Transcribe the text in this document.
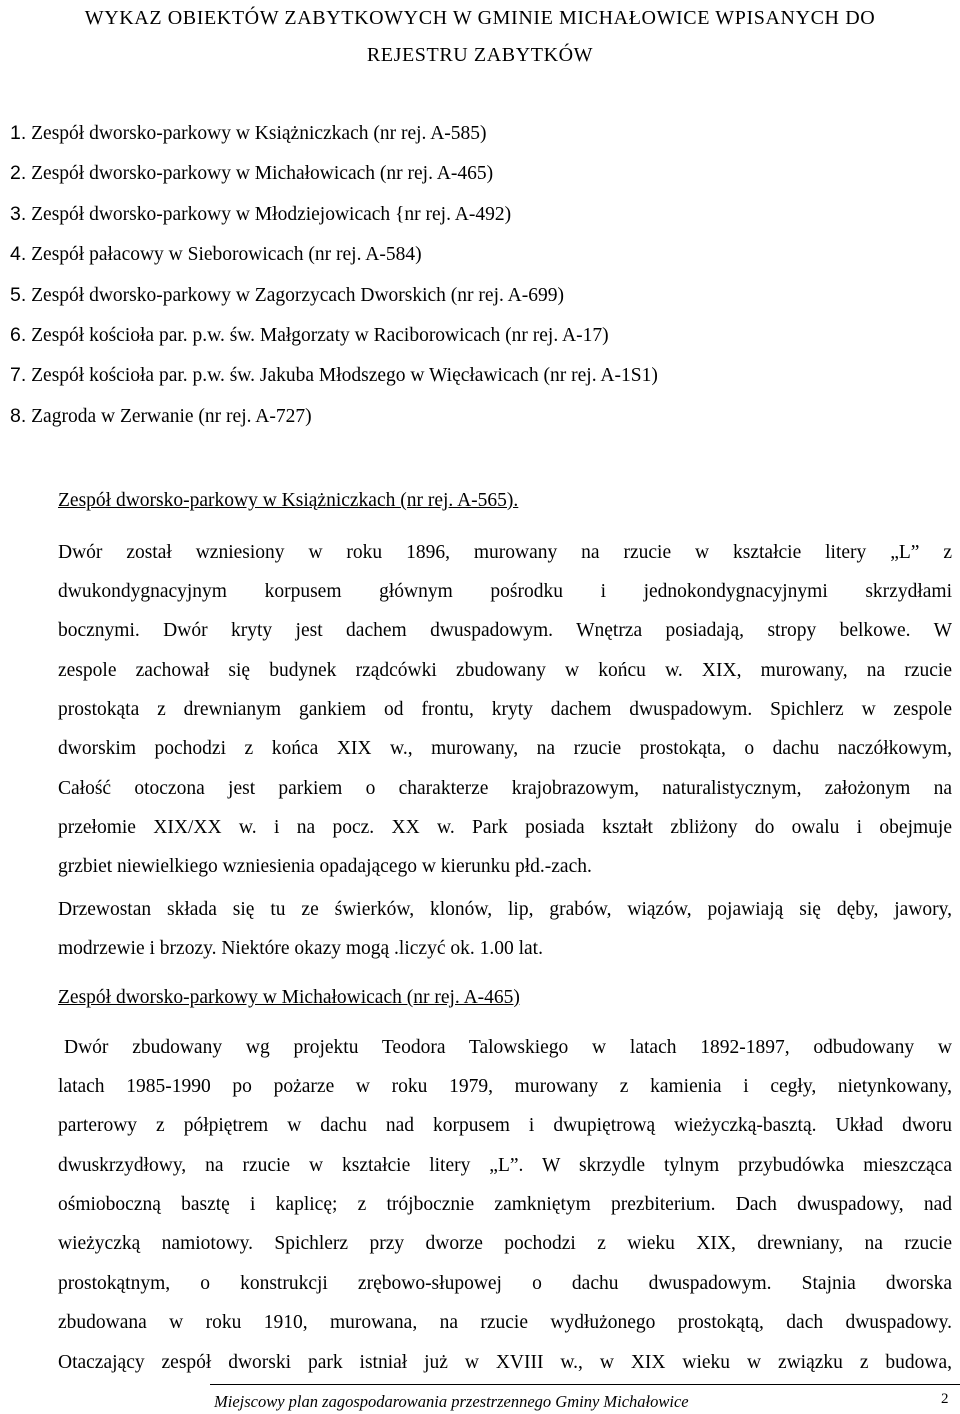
WYKAZ OBIEKTÓW ZABYTKOWYCH W GMINIE MICHAŁOWICE WPISANYCH DO
REJESTRU ZABYTKÓW
1. Zespół dworsko-parkowy w Książniczkach (nr rej. A-585)
2. Zespół dworsko-parkowy w Michałowicach (nr rej. A-465)
3. Zespół dworsko-parkowy w Młodziejowicach {nr rej. A-492)
4. Zespół pałacowy w Sieborowicach (nr rej. A-584)
5. Zespół dworsko-parkowy w Zagorzycach Dworskich (nr rej. A-699)
6. Zespół kościoła par. p.w. św. Małgorzaty w Raciborowicach (nr rej. A-17)
7. Zespół kościoła par. p.w. św. Jakuba Młodszego w Więcławicach (nr rej. A-1S1)
8. Zagroda w Zerwanie (nr rej. A-727)
Zespół dworsko-parkowy w Książniczkach (nr rej. A-565).
Dwór został wzniesiony w roku 1896, murowany na rzucie w kształcie litery „L” z
dwukondygnacyjnym korpusem głównym pośrodku i jednokondygnacyjnymi skrzydłami
bocznymi. Dwór kryty jest dachem dwuspadowym. Wnętrza posiadają, stropy belkowe. W
zespole zachował się budynek rządcówki zbudowany w końcu w. XIX, murowany, na rzucie
prostokąta z drewnianym gankiem od frontu, kryty dachem dwuspadowym. Spichlerz w zespole
dworskim pochodzi z końca XIX w., murowany, na rzucie prostokąta, o dachu naczółkowym,
Całość otoczona jest parkiem o charakterze krajobrazowym, naturalistycznym, założonym na
przełomie XIX/XX w. i na pocz. XX w. Park posiada kształt zbliżony do owalu i obejmuje
grzbiet niewielkiego wzniesienia opadającego w kierunku płd.-zach.
Drzewostan składa się tu ze świerków, klonów, lip, grabów, wiązów, pojawiają się dęby, jawory,
modrzewie i brzozy. Niektóre okazy mogą .liczyć ok. 1.00 lat.
Zespół dworsko-parkowy w Michałowicach (nr rej. A-465)
Dwór zbudowany wg projektu Teodora Talowskiego w latach 1892-1897, odbudowany w
latach 1985-1990 po pożarze w roku 1979, murowany z kamienia i cegły, nietynkowany,
parterowy z półpiętrem w dachu nad korpusem i dwupiętrową wieżyczką-basztą. Układ dworu
dwuskrzydłowy, na rzucie w kształcie litery „L”. W skrzydle tylnym przybudówka mieszcząca
ośmioboczną basztę i kaplicę; z trójbocznie zamkniętym prezbiterium. Dach dwuspadowy, nad
wieżyczką namiotowy. Spichlerz przy dworze pochodzi z wieku XIX, drewniany, na rzucie
prostokątnym, o konstrukcji zrębowo-słupowej o dachu dwuspadowym. Stajnia dworska
zbudowana w roku 1910, murowana, na rzucie wydłużonego prostokątą, dach dwuspadowy.
Otaczający zespół dworski park istniał już w XVIII w., w XIX wieku w związku z budowa,
Miejscowy plan zagospodarowania przestrzennego Gminy Michałowice	2
